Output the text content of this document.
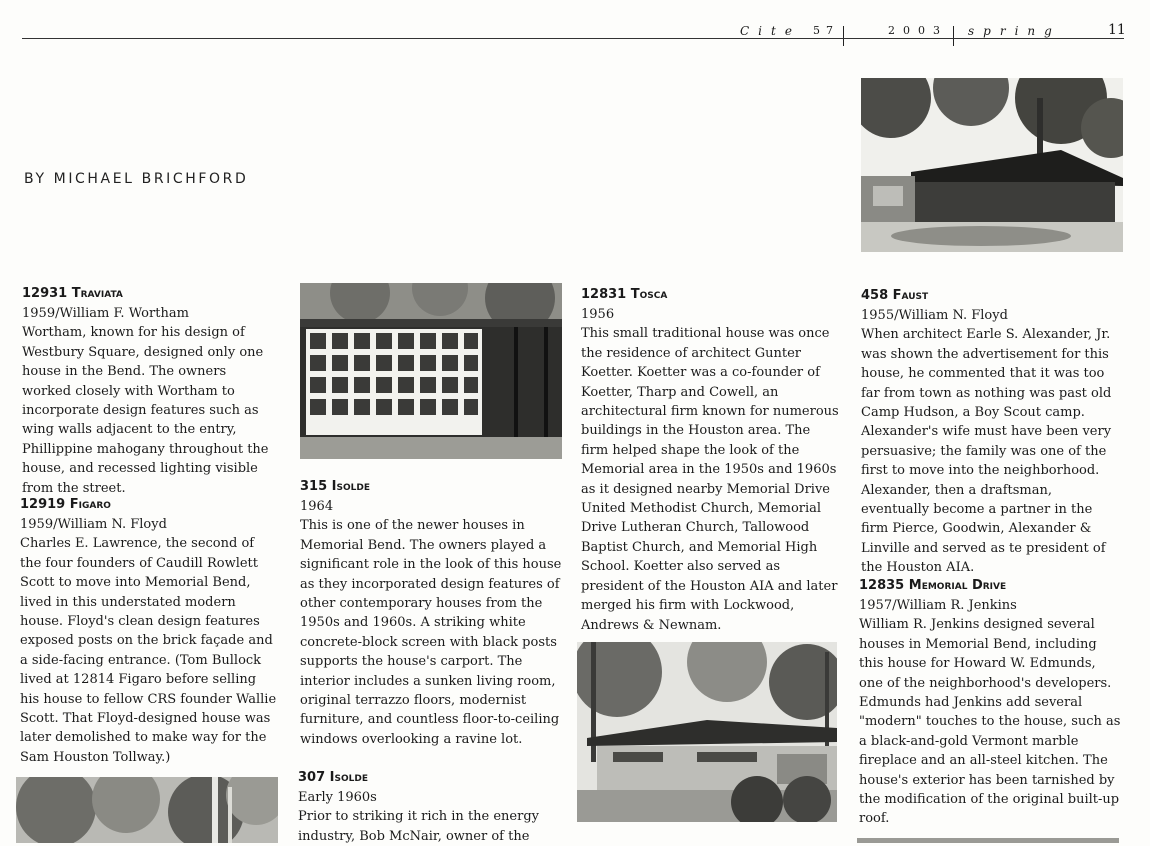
Cite 57	2003 spring	11
BY MICHAEL BRICHFORD
12931 Traviata
1959/William F. Wortham
Wortham, known for his design of Westbury Square, designed only one house in the Bend. The owners worked closely with Wortham to incorporate design features such as wing walls adjacent to the entry, Phillippine mahogany throughout the house, and recessed lighting visible from the street.
12919 Figaro
1959/William N. Floyd
Charles E. Lawrence, the second of the four founders of Caudill Rowlett Scott to move into Memorial Bend, lived in this understated modern house. Floyd's clean design features exposed posts on the brick façade and a side-facing entrance. (Tom Bullock lived at 12814 Figaro before selling his house to fellow CRS founder Wallie Scott. That Floyd-designed house was later demolished to make way for the Sam Houston Tollway.)
315 Isolde
1964
This is one of the newer houses in Memorial Bend. The owners played a significant role in the look of this house as they incorporated design features of other contemporary houses from the 1950s and 1960s. A striking white concrete-block screen with black posts supports the house's carport. The interior includes a sunken living room, original terrazzo floors, modernist furniture, and countless floor-to-ceiling windows overlooking a ravine lot.
307 Isolde
Early 1960s
Prior to striking it rich in the energy industry, Bob McNair, owner of the
12831 Tosca
1956
This small traditional house was once the residence of architect Gunter Koetter. Koetter was a co-founder of Koetter, Tharp and Cowell, an architectural firm known for numerous buildings in the Houston area. The firm helped shape the look of the Memorial area in the 1950s and 1960s as it designed nearby Memorial Drive United Methodist Church, Memorial Drive Lutheran Church, Tallowood Baptist Church, and Memorial High School. Koetter also served as president of the Houston AIA and later merged his firm with Lockwood, Andrews & Newnam.
458 Faust
1955/William N. Floyd
When architect Earle S. Alexander, Jr. was shown the advertisement for this house, he commented that it was too far from town as nothing was past old Camp Hudson, a Boy Scout camp. Alexander's wife must have been very persuasive; the family was one of the first to move into the neighborhood. Alexander, then a draftsman, eventually become a partner in the firm Pierce, Goodwin, Alexander & Linville and served as te president of the Houston AIA.
12835 Memorial Drive
1957/William R. Jenkins
William R. Jenkins designed several houses in Memorial Bend, including this house for Howard W. Edmunds, one of the neighborhood's developers. Edmunds had Jenkins add several "modern" touches to the house, such as a black-and-gold Vermont marble fireplace and an all-steel kitchen. The house's exterior has been tarnished by the modification of the original built-up roof.
